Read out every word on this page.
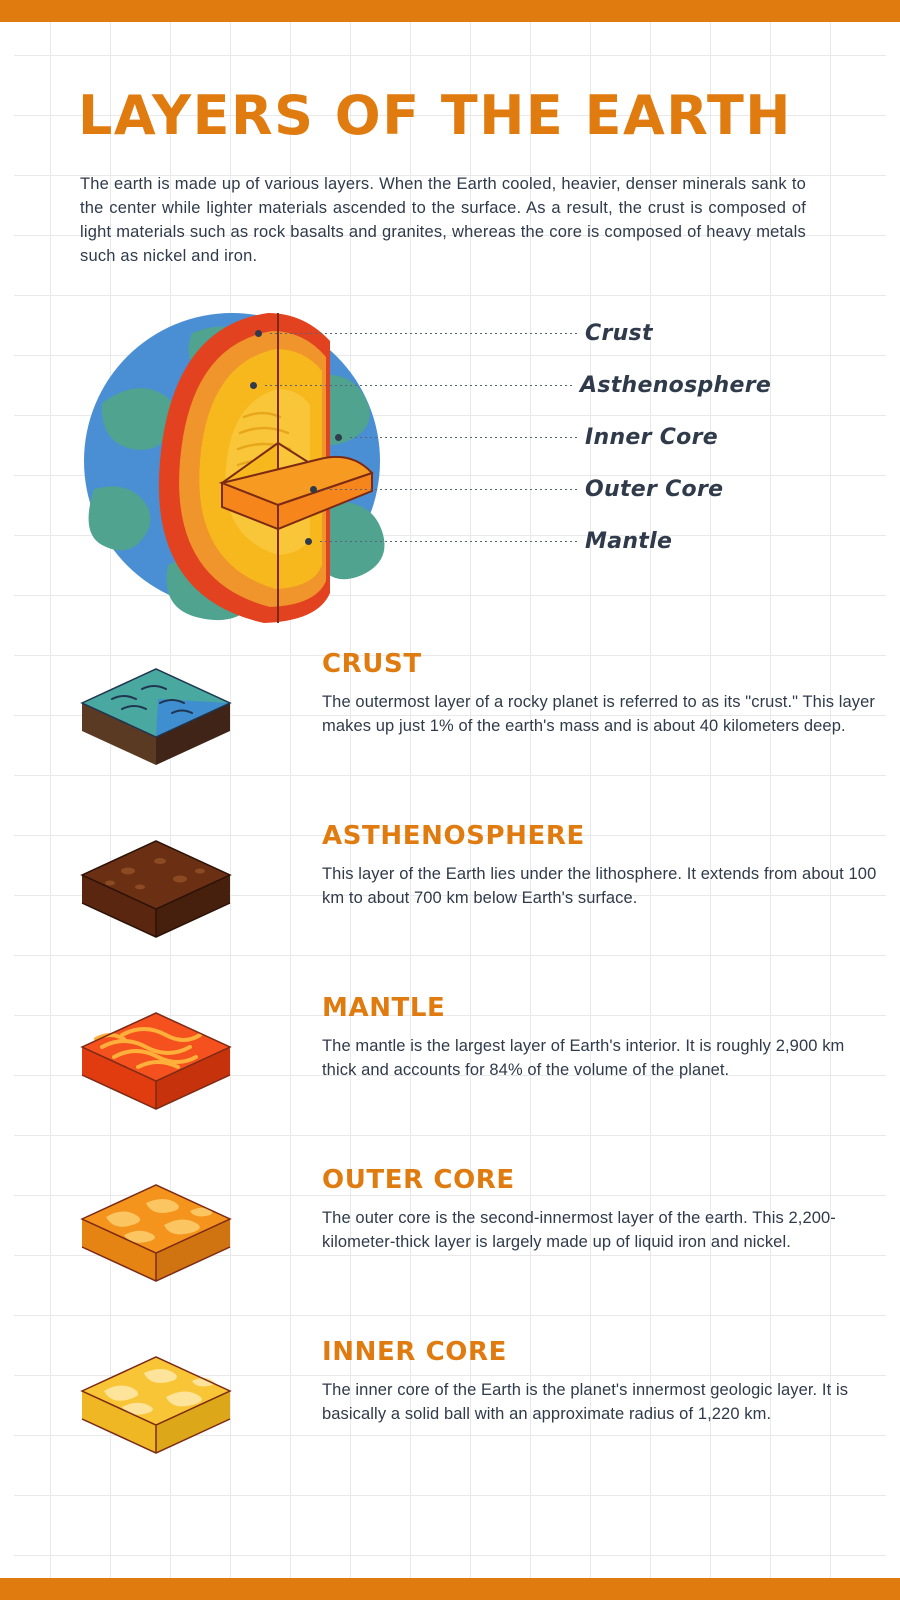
LAYERS OF THE EARTH

The earth is made up of various layers. When the Earth cooled, heavier, denser minerals sank to the center while lighter materials ascended to the surface. As a result, the crust is composed of light materials such as rock basalts and granites, whereas the core is composed of heavy metals such as nickel and iron.

Crust
Asthenosphere
Inner Core
Outer Core
Mantle
CRUST
The outermost layer of a rocky planet is referred to as its "crust." This layer makes up just 1% of the earth's mass and is about 40 kilometers deep.
ASTHENOSPHERE
This layer of the Earth lies under the lithosphere. It extends from about 100 km to about 700 km below Earth's surface.
MANTLE
The mantle is the largest layer of Earth's interior. It is roughly 2,900 km thick and accounts for 84% of the volume of the planet.
OUTER CORE
The outer core is the second-innermost layer of the earth. This 2,200-kilometer-thick layer is largely made up of liquid iron and nickel.
INNER CORE
The inner core of the Earth is the planet's innermost geologic layer. It is basically a solid ball with an approximate radius of 1,220 km.
